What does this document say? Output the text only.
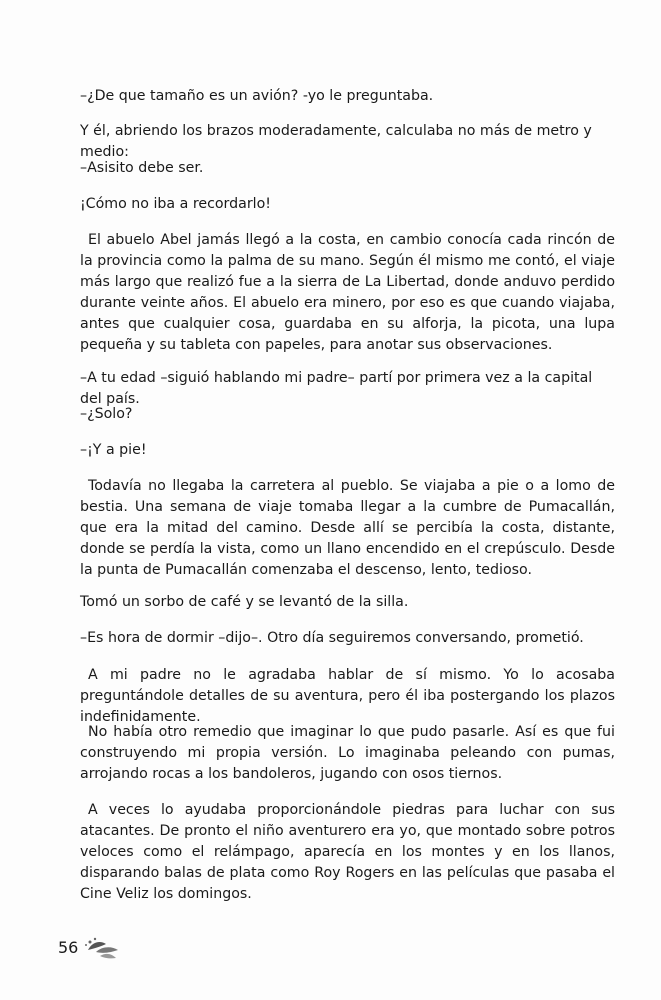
–¿De que tamaño es un avión? -yo le preguntaba.

Y él, abriendo los brazos moderadamente, calculaba no más de metro y medio:

–Asisito debe ser.

¡Cómo no iba a recordarlo!

El abuelo Abel jamás llegó a la costa, en cambio conocía cada rincón de la provincia como la palma de su mano. Según él mismo me contó, el viaje más largo que realizó fue a la sierra de La Libertad, donde anduvo perdido durante veinte años. El abuelo era minero, por eso es que cuando viajaba, antes que cualquier cosa, guardaba en su alforja, la picota, una lupa pequeña y su tableta con papeles, para anotar sus observaciones.

–A tu edad –siguió hablando mi padre– partí por primera vez a la capital del país.

–¿Solo?

–¡Y a pie!

Todavía no llegaba la carretera al pueblo. Se viajaba a pie o a lomo de bestia. Una semana de viaje tomaba llegar a la cumbre de Pumacallán, que era la mitad del camino. Desde allí se percibía la costa, distante, donde se perdía la vista, como un llano encendido en el crepúsculo. Desde la punta de Pumacallán comenzaba el descenso, lento, tedioso.

Tomó un sorbo de café y se levantó de la silla.

–Es hora de dormir –dijo–. Otro día seguiremos conversando, prometió.

A mi padre no le agradaba hablar de sí mismo. Yo lo acosaba preguntándole detalles de su aventura, pero él iba postergando los plazos indefinidamente.

No había otro remedio que imaginar lo que pudo pasarle. Así es que fui construyendo mi propia versión. Lo imaginaba peleando con pumas, arrojando rocas a los bandoleros, jugando con osos tiernos.

A veces lo ayudaba proporcionándole piedras para luchar con sus atacantes. De pronto el niño aventurero era yo, que montado sobre potros veloces como el relámpago, aparecía en los montes y en los llanos, disparando balas de plata como Roy Rogers en las películas que pasaba el Cine Veliz los domingos.

56
